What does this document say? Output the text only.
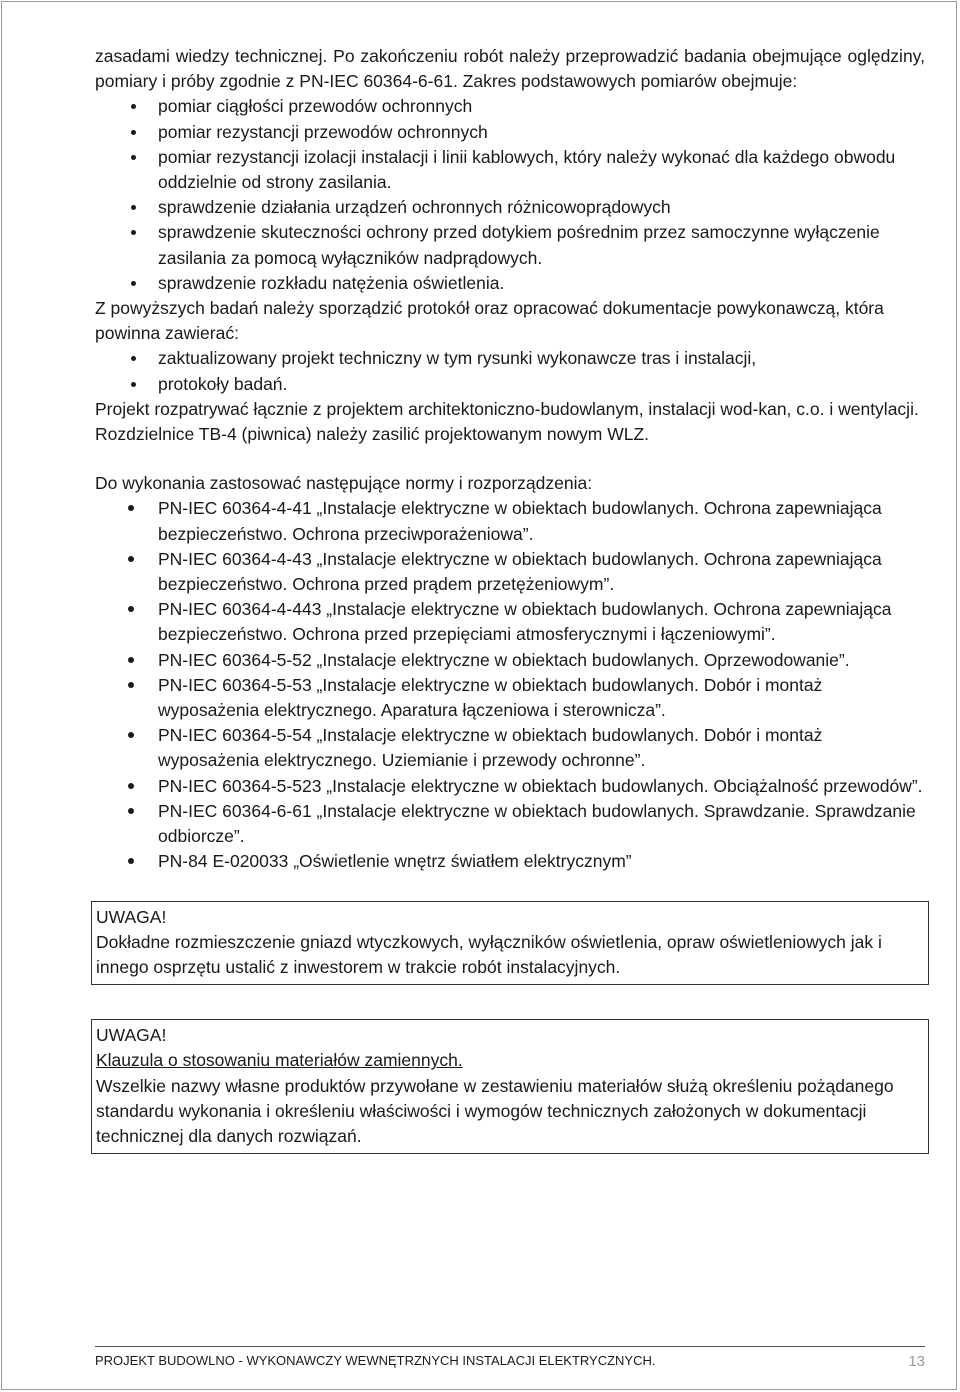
zasadami wiedzy technicznej. Po zakończeniu robót należy przeprowadzić badania obejmujące oględziny, pomiary i próby zgodnie z PN-IEC 60364-6-61. Zakres podstawowych pomiarów obejmuje:

pomiar ciągłości przewodów ochronnych
pomiar rezystancji przewodów ochronnych
pomiar rezystancji izolacji instalacji i linii kablowych, który należy wykonać dla każdego obwodu oddzielnie od strony zasilania.
sprawdzenie działania urządzeń ochronnych różnicowoprądowych
sprawdzenie skuteczności ochrony przed dotykiem pośrednim przez samoczynne wyłączenie zasilania za pomocą wyłączników nadprądowych.
sprawdzenie rozkładu natężenia oświetlenia.

Z powyższych badań należy sporządzić protokół oraz opracować dokumentacje powykonawczą, która powinna zawierać:

zaktualizowany projekt techniczny w tym rysunki wykonawcze tras i instalacji,
protokoły badań.

Projekt rozpatrywać łącznie z projektem architektoniczno-budowlanym, instalacji wod-kan, c.o. i wentylacji.

Rozdzielnice TB-4 (piwnica) należy zasilić projektowanym nowym WLZ.

Do wykonania zastosować następujące normy i rozporządzenia:

PN-IEC 60364-4-41 „Instalacje elektryczne w obiektach budowlanych. Ochrona zapewniająca bezpieczeństwo. Ochrona przeciwporażeniowa”.
PN-IEC 60364-4-43 „Instalacje elektryczne w obiektach budowlanych. Ochrona zapewniająca bezpieczeństwo. Ochrona przed prądem przetężeniowym”.
PN-IEC 60364-4-443 „Instalacje elektryczne w obiektach budowlanych. Ochrona zapewniająca bezpieczeństwo. Ochrona przed przepięciami atmosferycznymi i łączeniowymi”.
PN-IEC 60364-5-52 „Instalacje elektryczne w obiektach budowlanych. Oprzewodowanie”.
PN-IEC 60364-5-53 „Instalacje elektryczne w obiektach budowlanych. Dobór i montaż wyposażenia elektrycznego. Aparatura łączeniowa i sterownicza”.
PN-IEC 60364-5-54 „Instalacje elektryczne w obiektach budowlanych. Dobór i montaż wyposażenia elektrycznego. Uziemianie i przewody ochronne”.
PN-IEC 60364-5-523 „Instalacje elektryczne w obiektach budowlanych. Obciążalność przewodów”.
PN-IEC 60364-6-61 „Instalacje elektryczne w obiektach budowlanych. Sprawdzanie. Sprawdzanie odbiorcze”.
PN-84 E-020033 „Oświetlenie wnętrz światłem elektrycznym”

UWAGA!

Dokładne rozmieszczenie gniazd wtyczkowych, wyłączników oświetlenia, opraw oświetleniowych jak i innego osprzętu ustalić z inwestorem w trakcie robót instalacyjnych.

UWAGA!

Klauzula o stosowaniu materiałów zamiennych.

Wszelkie nazwy własne produktów przywołane w zestawieniu materiałów służą określeniu pożądanego standardu wykonania i określeniu właściwości i wymogów technicznych założonych w dokumentacji technicznej dla danych rozwiązań.

PROJEKT BUDOWLNO - WYKONAWCZY WEWNĘTRZNYCH INSTALACJI ELEKTRYCZNYCH.	13
